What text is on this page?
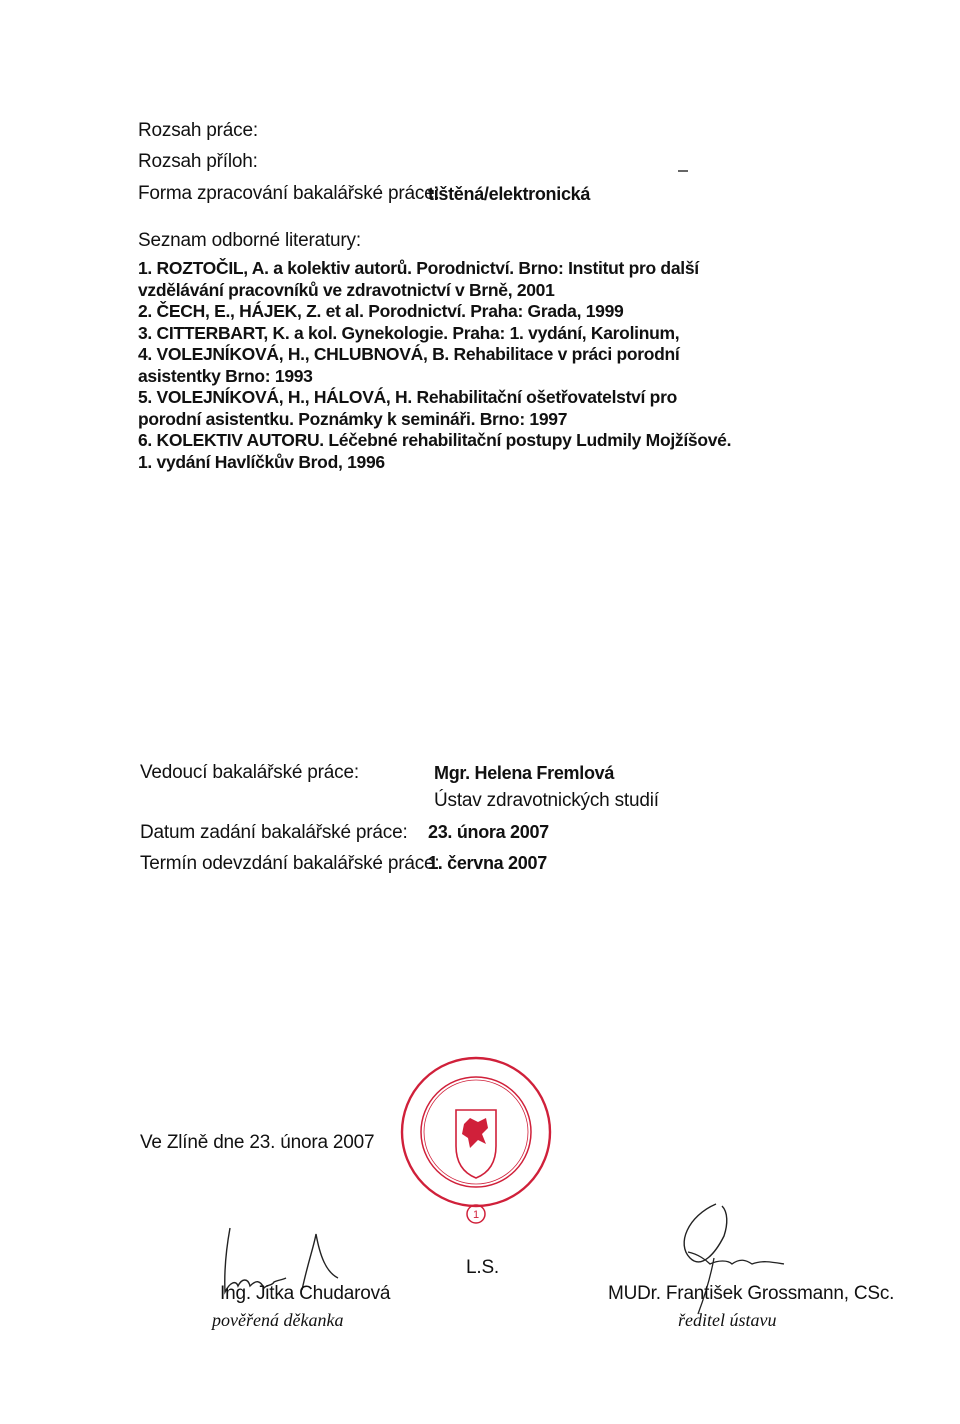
Rozsah práce:
Rozsah příloh:
Forma zpracování bakalářské práce:
tištěná/elektronická
Seznam odborné literatury:
1. ROZTOČIL, A. a kolektiv autorů. Porodnictví. Brno: Institut pro další vzdělávání pracovníků ve zdravotnictví v Brně, 2001
2. ČECH, E., HÁJEK, Z. et al. Porodnictví. Praha: Grada, 1999
3. CITTERBART, K. a kol. Gynekologie. Praha: 1. vydání, Karolinum,
4. VOLEJNÍKOVÁ, H., CHLUBNOVÁ, B. Rehabilitace v práci porodní asistentky Brno: 1993
5. VOLEJNÍKOVÁ, H., HÁLOVÁ, H. Rehabilitační ošetřovatelství pro porodní asistentku. Poznámky k semináři. Brno: 1997
6. KOLEKTIV AUTORU. Léčebné rehabilitační postupy Ludmily Mojžíšové. 1. vydání Havlíčkův Brod, 1996
Vedoucí bakalářské práce:	Mgr. Helena Fremlová
Ústav zdravotnických studií
Datum zadání bakalářské práce: 23. února 2007
Termín odevzdání bakalářské práce:
1. června 2007
Ve Zlíně dne 23. února 2007
1
L.S.
Ing. Jitka Chudarová
pověřená děkanka
MUDr. František Grossmann, CSc.
ředitel ústavu
